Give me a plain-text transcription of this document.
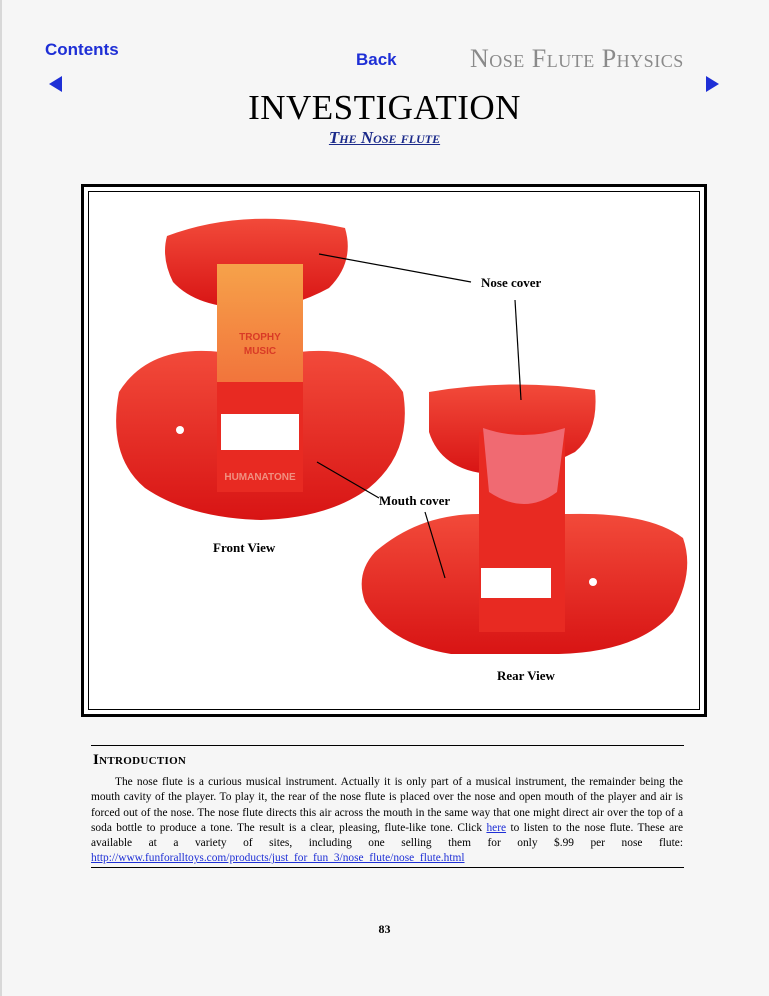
Contents
Back	Nose Flute Physics
INVESTIGATION
The Nose flute
TROPHY
MUSIC
HUMANATONE
Nose cover
Mouth cover
Front View
Rear View
Introduction
The nose flute is a curious musical instrument. Actually it is only part of a musical instrument, the remainder being the mouth cavity of the player. To play it, the rear of the nose flute is placed over the nose and open mouth of the player and air is forced out of the nose. The nose flute directs this air across the mouth in the same way that one might direct air over the top of a soda bottle to produce a tone. The result is a clear, pleasing, flute-like tone. Click here to listen to the nose flute. These are available at a variety of sites, including one selling them for only $.99 per nose flute: http://www.funforalltoys.com/products/just_for_fun_3/nose_flute/nose_flute.html
83
